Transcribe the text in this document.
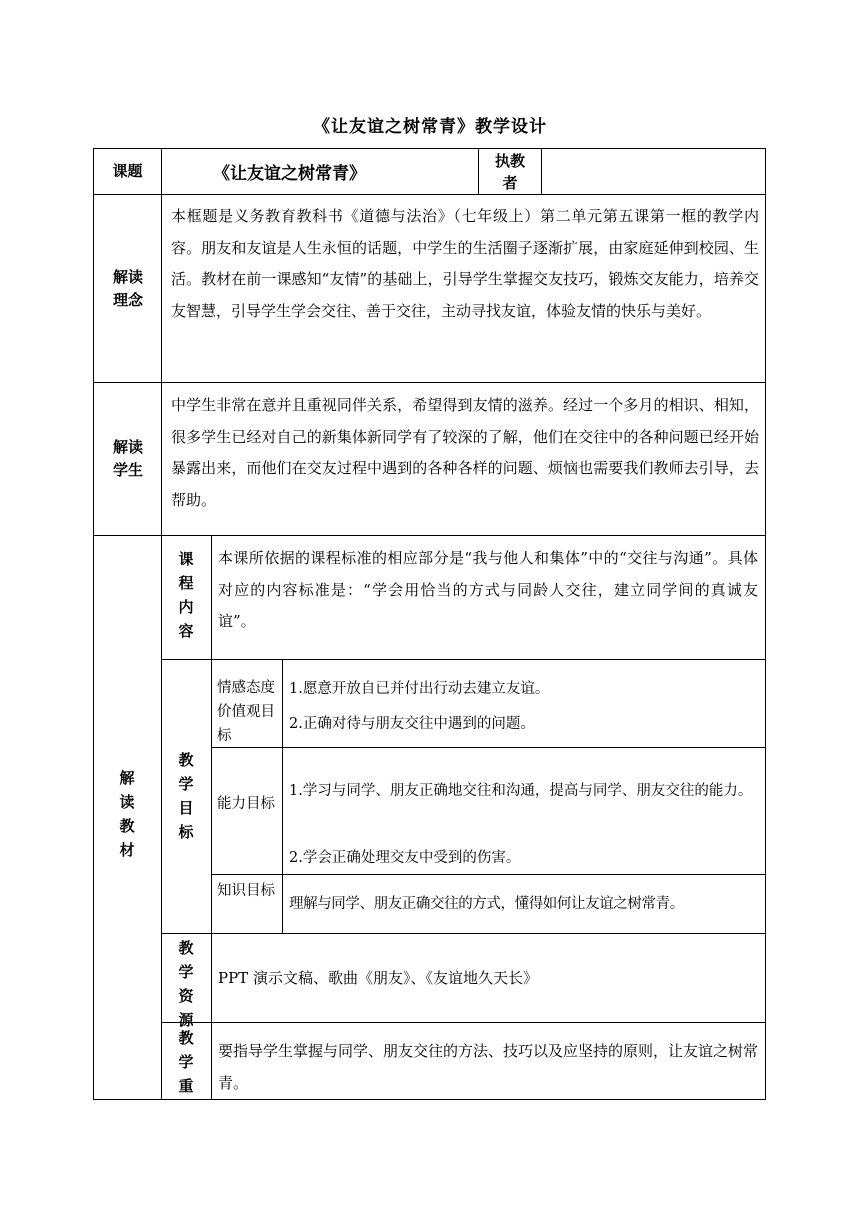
《让友谊之树常青》教学设计
课题	《让友谊之树常青》
执教者
解读理念
本框题是义务教育教科书《道德与法治》（七年级上）第二单元第五课第一框的教学内容。朋友和友谊是人生永恒的话题，中学生的生活圈子逐渐扩展，由家庭延伸到校园、生活。教材在前一课感知“友情”的基础上，引导学生掌握交友技巧，锻炼交友能力，培养交友智慧，引导学生学会交往、善于交往，主动寻找友谊，体验友情的快乐与美好。
解读学生
中学生非常在意并且重视同伴关系，希望得到友情的滋养。经过一个多月的相识、相知，很多学生已经对自己的新集体新同学有了较深的了解，他们在交往中的各种问题已经开始暴露出来，而他们在交友过程中遇到的各种各样的问题、烦恼也需要我们教师去引导，去帮助。
解读教材
课程内容
本课所依据的课程标准的相应部分是“我与他人和集体”中的“交往与沟通”。具体对应的内容标准是：“学会用恰当的方式与同龄人交往，建立同学间的真诚友谊”。
教学目标
情感态度价值观目标
1.愿意开放自已并付出行动去建立友谊。
2.正确对待与朋友交往中遇到的问题。
能力目标
1.学习与同学、朋友正确地交往和沟通，提高与同学、朋友交往的能力。
2.学会正确处理交友中受到的伤害。
知识目标
理解与同学、朋友正确交往的方式，懂得如何让友谊之树常青。
教学资源
PPT 演示文稿、歌曲《朋友》、《友谊地久天长》
教学重
要指导学生掌握与同学、朋友交往的方法、技巧以及应坚持的原则，让友谊之树常青。
